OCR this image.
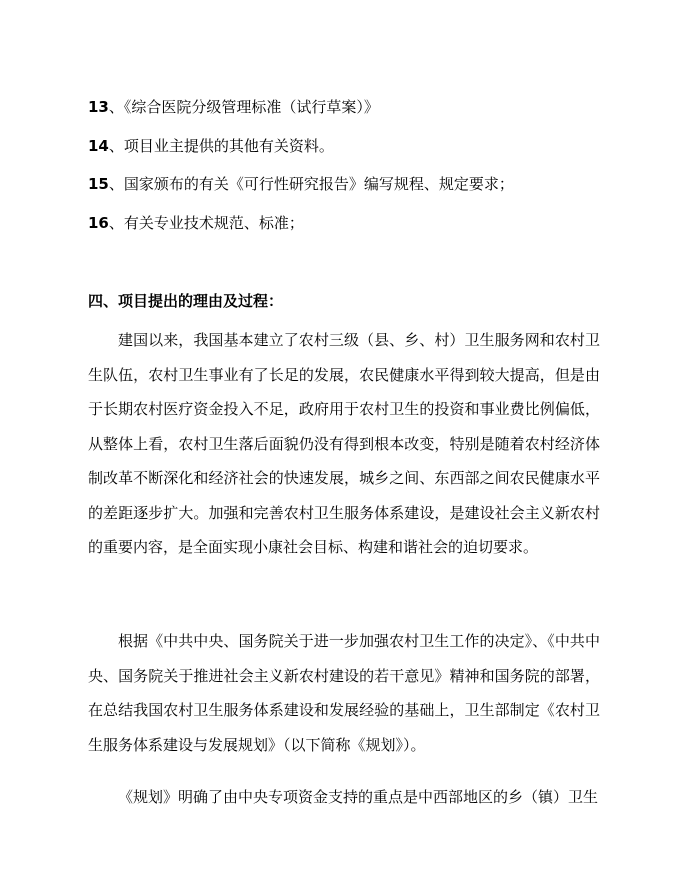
13、《综合医院分级管理标准（试行草案）》
14、项目业主提供的其他有关资料。
15、国家颁布的有关《可行性研究报告》编写规程、规定要求；
16、有关专业技术规范、标准；
四、项目提出的理由及过程：

建国以来，我国基本建立了农村三级（县、乡、村）卫生服务网和农村卫生队伍，农村卫生事业有了长足的发展，农民健康水平得到较大提高，但是由于长期农村医疗资金投入不足，政府用于农村卫生的投资和事业费比例偏低，从整体上看，农村卫生落后面貌仍没有得到根本改变，特别是随着农村经济体制改革不断深化和经济社会的快速发展，城乡之间、东西部之间农民健康水平的差距逐步扩大。加强和完善农村卫生服务体系建设，是建设社会主义新农村的重要内容，是全面实现小康社会目标、构建和谐社会的迫切要求。

根据《中共中央、国务院关于进一步加强农村卫生工作的决定》、《中共中央、国务院关于推进社会主义新农村建设的若干意见》精神和国务院的部署，在总结我国农村卫生服务体系建设和发展经验的基础上，卫生部制定《农村卫生服务体系建设与发展规划》（以下简称《规划》）。

《规划》明确了由中央专项资金支持的重点是中西部地区的乡（镇）卫生
